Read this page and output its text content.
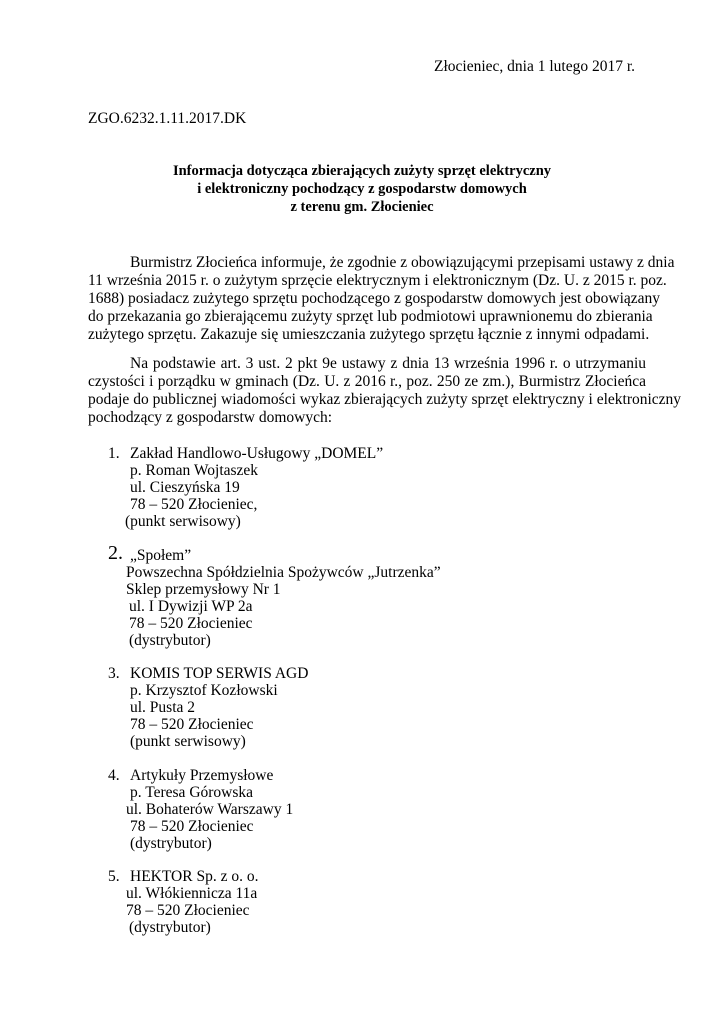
Złocieniec, dnia 1 lutego 2017 r.
ZGO.6232.1.11.2017.DK
Informacja dotycząca zbierających zużyty sprzęt elektryczny
i elektroniczny pochodzący z gospodarstw domowych
z terenu gm. Złocieniec
Burmistrz Złocieńca informuje, że zgodnie z obowiązującymi przepisami ustawy z dnia
11 września 2015 r. o zużytym sprzęcie elektrycznym i elektronicznym (Dz. U. z 2015 r. poz.
1688) posiadacz zużytego sprzętu pochodzącego z gospodarstw domowych jest obowiązany
do przekazania go zbierającemu zużyty sprzęt lub podmiotowi uprawnionemu do zbierania
zużytego sprzętu. Zakazuje się umieszczania zużytego sprzętu łącznie z innymi odpadami.
Na podstawie art. 3 ust. 2 pkt 9e ustawy z dnia 13 września 1996 r. o utrzymaniu
czystości i porządku w gminach (Dz. U. z 2016 r., poz. 250 ze zm.), Burmistrz Złocieńca
podaje do publicznej wiadomości wykaz zbierających zużyty sprzęt elektryczny i elektroniczny
pochodzący z gospodarstw domowych:
1. Zakład Handlowo-Usługowy „DOMEL”
p. Roman Wojtaszek
ul. Cieszyńska 19
78 – 520 Złocieniec,
(punkt serwisowy)
2. „Społem”
Powszechna Spółdzielnia Spożywców „Jutrzenka”
Sklep przemysłowy Nr 1
ul. I Dywizji WP 2a
78 – 520 Złocieniec
(dystrybutor)
3. KOMIS TOP SERWIS AGD
p. Krzysztof Kozłowski
ul. Pusta 2
78 – 520 Złocieniec
(punkt serwisowy)
4. Artykuły Przemysłowe
p. Teresa Górowska
ul. Bohaterów Warszawy 1
78 – 520 Złocieniec
(dystrybutor)
5. HEKTOR Sp. z o. o.
ul. Włókiennicza 11a
78 – 520 Złocieniec
(dystrybutor)
